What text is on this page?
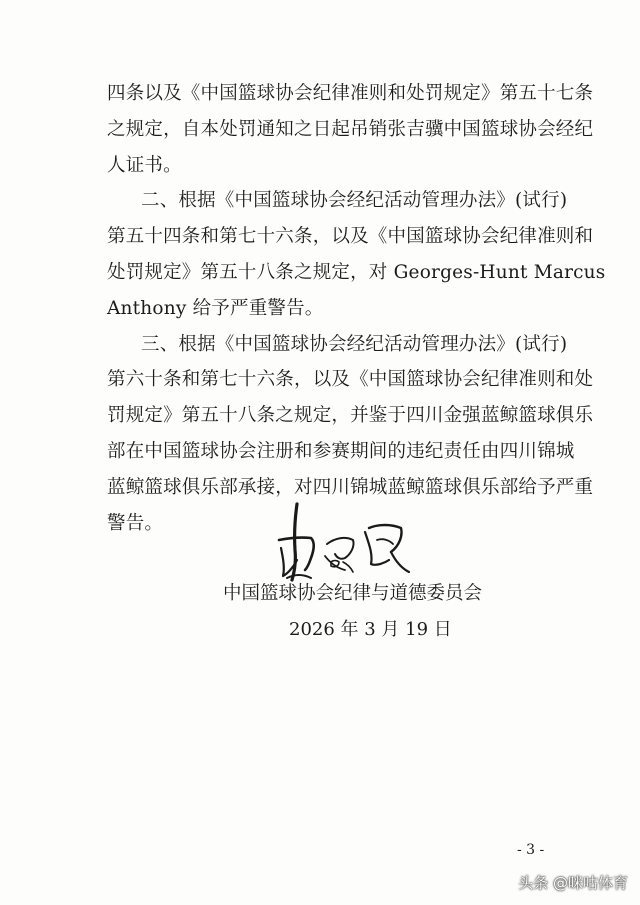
四条以及《中国篮球协会纪律准则和处罚规定》第五十七条
之规定，自本处罚通知之日起吊销张吉骥中国篮球协会经纪
人证书。
二、根据《中国篮球协会经纪活动管理办法》(试行)
第五十四条和第七十六条，以及《中国篮球协会纪律准则和
处罚规定》第五十八条之规定，对 Georges-Hunt Marcus
Anthony 给予严重警告。
三、根据《中国篮球协会经纪活动管理办法》(试行)
第六十条和第七十六条，以及《中国篮球协会纪律准则和处
罚规定》第五十八条之规定，并鉴于四川金强蓝鲸篮球俱乐
部在中国篮球协会注册和参赛期间的违纪责任由四川锦城
蓝鲸篮球俱乐部承接，对四川锦城蓝鲸篮球俱乐部给予严重
警告。
中国篮球协会纪律与道德委员会
2026 年 3 月 19 日
- 3 -
头条 @咪咕体育
